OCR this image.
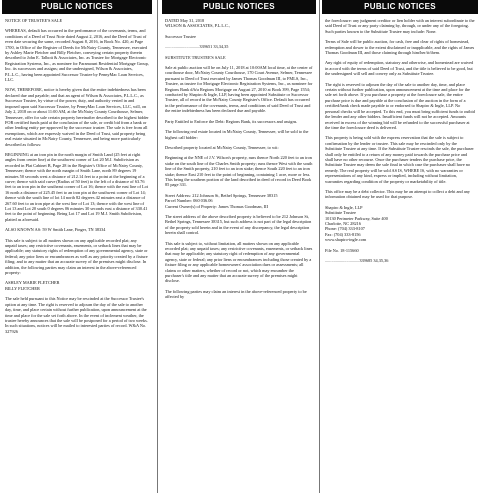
PUBLIC NOTICES

NOTICE OF TRUSTEE'S SALE

WHEREAS, default has occurred in the performance of the covenants, terms, and conditions of a Deed of Trust Note dated August 2, 2016, and the Deed of Trust of even date securing the same, recorded August 8, 2016, in Book No. 420, at Page 1700, in Office of the Register of Deeds for McNairy County, Tennessee, executed by Ashley Marie Fletcher and Billy Fletcher, conveying certain property therein described to John E. Talbott & Associates, Inc. as Trustee for Mortgage Electronic Registration Systems, Inc., as nominee for Paramount Residential Mortgage Group, Inc. its successors and assigns; and the undersigned, Wilson & Associates, P.L.L.C., having been appointed Successor Trustee by PennyMac Loan Services, LLC.

NOW, THEREFORE, notice is hereby given that the entire indebtedness has been declared due and payable; and that an agent of Wilson & Associates, P.L.L.C., as Successor Trustee, by virtue of the power, duty, and authority vested in and imposed upon said Successor Trustee, by PennyMac Loan Services, LLC, will, on July 2, 2018 on or about 11:00 AM, at the McNairy County Courthouse, Selmer, Tennessee, offer for sale certain property hereinafter described to the highest bidder FOR certified funds paid at the conclusion of the sale, or credit bid from a bank or other lending entity pre-approved by the successor trustee. The sale is free from all exemptions, which are expressly waived in the Deed of Trust, said property being real estate situated in McNairy County, Tennessee, and being more particularly described as follows:

BEGINNING at an iron pin in the north margin of Smith Land (25 feet at right angles from center line) at the southwest corner of Lot 20 M.J. Subdivision as recorded in Plat Cabinet B, Page 28 in the Register's Office of McNairy County, Tennessee; thence with the north margin of Smith Lane, north 89 degrees 19 minutes 50 seconds west a distance of 212.14 feet to a point at the beginning of a curve; thence with said curve (Radius of 50 feet) to the left of a distance of 63.76 feet to an iron pin in the southeast corner of Lot 16; thence with the east line of Lot 16 north a distance of 225.45 feet to an iron pin at the southwest corner of Lot 14; thence with the south line of lot 14 north 82 degrees 42 minutes east a distance of 267.60 feet to an iron pipe at the west line of Lot 13; thence with the west line of Lot 13 and Lot 20 south 0 degrees 06 minutes 30 seconds east a distance of 330.41 feet to the point of beginning. Being Lot 17 and Lot 19 M.J. Smith Subdivision, platted as aforesaid.

ALSO KNOWN AS: 59 W Smith Lane, Finger, TN 38334

This sale is subject to all matters shown on any applicable recorded plat; any unpaid taxes; any restrictive covenants, easements, or setback lines that may be applicable; any statutory rights of redemption of any governmental agency, state or federal; any prior liens or encumbrances as well as any priority created by a fixture filing; and to any matter that an accurate survey of the premises might disclose. In addition, the following parties may claim an interest in the above-referenced property:

ASHLEY MARIE FLETCHER
BILLY FLETCHER

The sale held pursuant to this Notice may be rescinded at the Successor Trustee's option at any time. The right is reserved to adjourn the day of the sale to another day, time, and place certain without further publication, upon announcement at the time and place for the sale set forth above. In the event of inclement weather, the trustee hereby announces that the sale will be postponed for a period of two weeks. In such situations, notices will be mailed to interested parties of record. W&A No. 327926

PUBLIC NOTICES

DATED May 31, 2018
WILSON & ASSOCIATES, P.L.L.C.,

Successor Trustee

................................339651 33,34,35

SUBSTITUTE TRUSTEE'S SALE

Sale at public auction will be on July 11, 2018 at 10:00AM local time, at the center of courthouse door, McNairy County Courthouse, 170 Court Avenue, Selmer, Tennessee pursuant to Deed of Trust executed by James Thomas Goodman III, to FMLS, Inc., Trustee, as trustee for Mortgage Electronic Registration Systems, Inc., as nominee for Regions Bank d/b/a Regions Mortgage on August 27, 2010 at Book 399, Page 1554; conducted by Shapiro & Ingle, LLP, having been appointed Substitute or Successor Trustee, all of record in the McNairy County Register's Office. Default has occurred in the performance of the covenants, terms, and conditions of said Deed of Trust and the entire indebtedness has been declared due and payable.

Party Entitled to Enforce the Debt: Regions Bank, its successors and assigns.

The following real estate located in McNairy County, Tennessee, will be sold to the highest call bidder:

Described property located at McNairy County, Tennessee, to wit:

Beginning at the NNE of J.V. Wilson's property, runs thence North 220 feet to an iron stake on the south line of the Charles Smith property; runs thence West with the south line of the Smith property, 210 feet to an iron stake; thence South 220 feet to an iron stake; thence East 210 feet to the point of beginning, containing 1 acre, more or less. This being the southern portion of the land described in deed of record in Deed Book 85 page 331.

Street Address: 212 Johnson St, Bethel Springs, Tennessee 38315
Parcel Number: 060 036.06
Current Owner(s) of Property: James Thomas Goodman, III

The street address of the above described property is believed to be 212 Johnson St, Bethel Springs, Tennessee 38315, but such address is not part of the legal description of the property sold herein and in the event of any discrepancy, the legal description herein shall control.

This sale is subject to, without limitation, all matters shown on any applicable recorded plat; any unpaid taxes; any restrictive covenants, easements, or setback lines that may be applicable; any statutory right of redemption of any governmental agency, state or federal; any prior liens or encumbrances including those created by a fixture filing or any applicable homeowners' association dues or assessments; all claims or other matters, whether of record or not, which may encumber the purchaser's title and any matter that an accurate survey of the premises might disclose.

The following parties may claim an interest in the above-referenced property to be affected by

PUBLIC NOTICES

the foreclosure: any judgment creditor or lien holder with an interest subordinate to the said Deed of Trust or any party claiming by, through, or under any of the foregoing. Such parties known to the Substitute Trustee may include: None.

Terms of Sale will be public auction, for cash, free and clear of rights of homestead, redemption and dower to the extent disclaimed or inapplicable, and the rights of James Thomas Goodman III, and those claiming through him/her/it/them.

Any right of equity of redemption, statutory and otherwise, and homestead are waived in accord with the terms of said Deed of Trust, and the title is believed to be good, but the undersigned will sell and convey only as Substitute Trustee.

The right is reserved to adjourn the day of the sale to another day, time, and place certain without further publication, upon announcement at the time and place for the sale set forth above. If you purchase a property at the foreclosure sale, the entire purchase price is due and payable at the conclusion of the auction in the form of a certified/bank check made payable to or endorsed to Shapiro & Ingle, LLP. No personal checks will be accepted. To this end, you must bring sufficient funds to outbid the lender and any other bidders. Insufficient funds will not be accepted. Amounts received in excess of the winning bid will be refunded to the successful purchaser at the time the foreclosure deed is delivered.

This property is being sold with the express reservation that the sale is subject to confirmation by the lender or trustee. This sale may be rescinded only by the Substitute Trustee at any time. If the Substitute Trustee rescinds the sale, the purchaser shall only be entitled to a return of any money paid towards the purchase price and shall have no other recourse. Once the purchaser tenders the purchase price, the Substitute Trustee may deem the sale final in which case the purchaser shall have no remedy. The real property will be sold AS IS, WHERE IS, with no warranties or representations of any kind, express or implied, including without limitation, warranties regarding condition of the property or marketability of title.

This office may be a debt collector. This may be an attempt to collect a debt and any information obtained may be used for that purpose.

Shapiro & Ingle, LLP
Substitute Trustee
10130 Perimeter Parkway, Suite 400
Charlotte, NC 28216
Phone: (704) 333-8107
Fax: (704) 333-8156
www.shapiro-ingle.com

File No. 18-115660

................................339685 34,35,36
